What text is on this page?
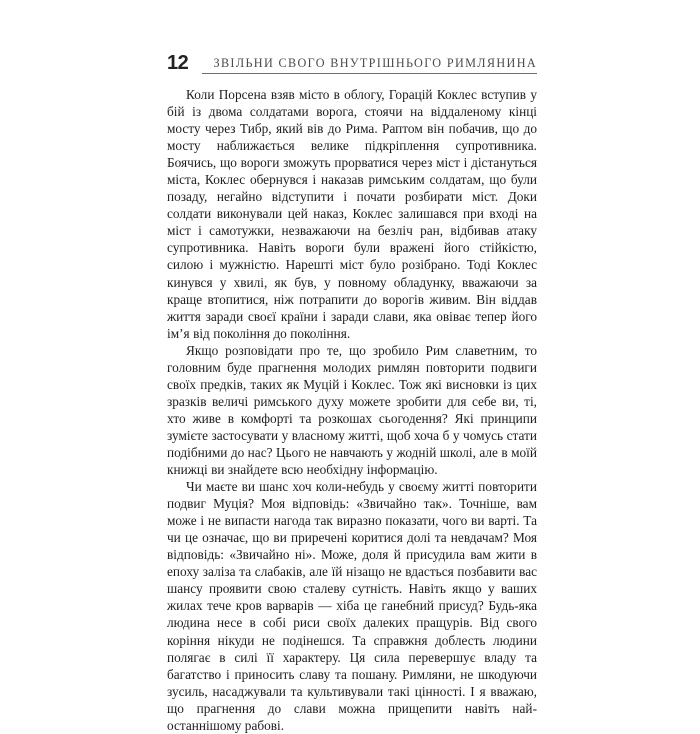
12	ЗВІЛЬНИ СВОГО ВНУТРІШНЬОГО РИМЛЯНИНА

Коли Порсена взяв місто в облогу, Горацій Коклес вступив у бій із двома солдатами ворога, стоячи на віддаленому кінці мосту через Тибр, який вів до Рима. Раптом він побачив, що до мосту наближається велике підкріплення супротивника. Боячись, що вороги зможуть прорватися через міст і дістануться міста, Коклес обернувся і наказав римським солдатам, що були позаду, негайно відступити і почати розбирати міст. Доки солдати виконували цей наказ, Коклес залишався при вході на міст і самотужки, незважаючи на безліч ран, відбивав атаку супротивника. Навіть вороги були вражені його стійкістю, силою і мужністю. Нарешті міст було розібрано. Тоді Коклес кинувся у хвилі, як був, у повному обладунку, вважаючи за краще втопитися, ніж потрапити до ворогів живим. Він віддав життя заради своєї країни і заради слави, яка овіває тепер його ім’я від покоління до покоління.

Якщо розповідати про те, що зробило Рим славетним, то головним буде прагнення молодих римлян повторити подвиги своїх предків, таких як Муцій і Коклес. Тож які висновки із цих зразків величі римського духу можете зробити для себе ви, ті, хто живе в комфорті та розкошах сьогодення? Які принципи зумієте застосувати у власному житті, щоб хоча б у чомусь стати подібними до нас? Цього не навчають у жодній школі, але в моїй книжці ви знайдете всю необхідну інформацію.

Чи маєте ви шанс хоч коли-небудь у своєму житті повторити подвиг Муція? Моя відповідь: «Звичайно так». Точніше, вам може і не випасти нагода так виразно показати, чого ви варті. Та чи це означає, що ви приречені коритися долі та невдачам? Моя відповідь: «Звичайно ні». Може, доля й присудила вам жити в епоху заліза та слабаків, але їй нізащо не вдасться позбавити вас шансу проявити свою сталеву сутність. Навіть якщо у ваших жилах тече кров варварів — хіба це ганебний присуд? Будь-яка людина несе в собі риси своїх далеких пращурів. Від свого коріння нікуди не подінешся. Та справжня доблесть людини полягає в силі її характеру. Ця сила перевершує владу та багатство і приносить славу та пошану. Римляни, не шкодуючи зусиль, насаджували та культивували такі цінності. І я вважаю, що прагнення до слави можна прищепити навіть найостаннішому рабові.
